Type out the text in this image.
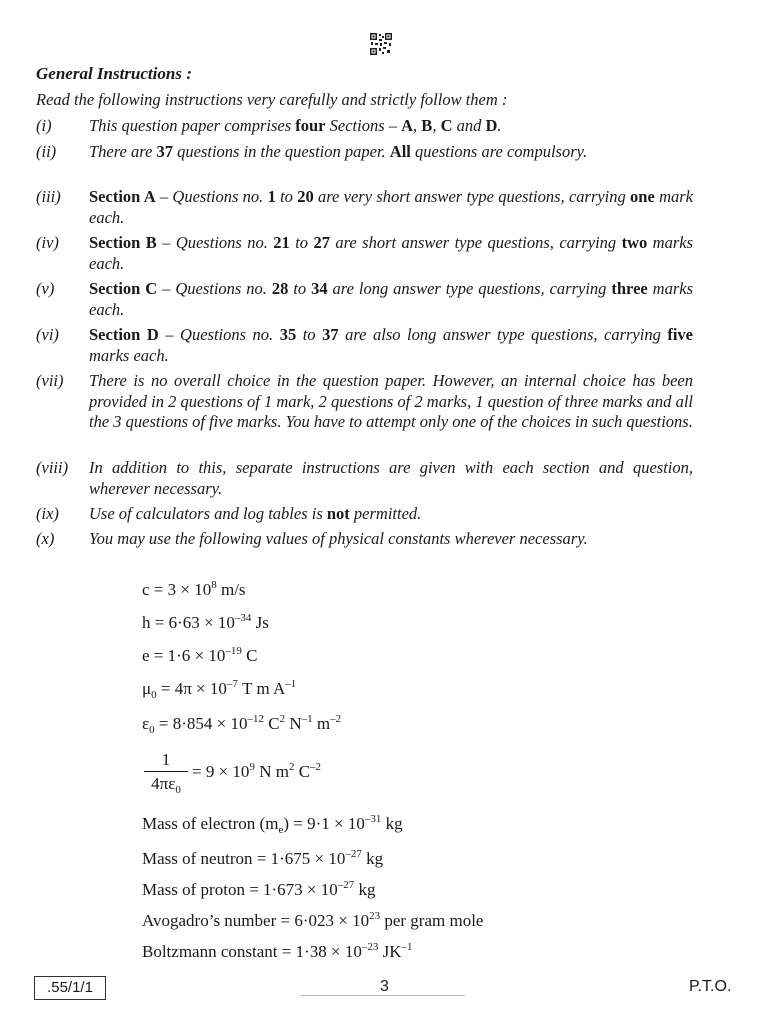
General Instructions :

Read the following instructions very carefully and strictly follow them :

(i) This question paper comprises four Sections – A, B, C and D.
(ii) There are 37 questions in the question paper. All questions are compulsory.
(iii) Section A – Questions no. 1 to 20 are very short answer type questions, carrying one mark each.
(iv) Section B – Questions no. 21 to 27 are short answer type questions, carrying two marks each.
(v) Section C – Questions no. 28 to 34 are long answer type questions, carrying three marks each.
(vi) Section D – Questions no. 35 to 37 are also long answer type questions, carrying five marks each.
(vii) There is no overall choice in the question paper. However, an internal choice has been provided in 2 questions of 1 mark, 2 questions of 2 marks, 1 question of three marks and all the 3 questions of five marks. You have to attempt only one of the choices in such questions.
(viii) In addition to this, separate instructions are given with each section and question, wherever necessary.
(ix) Use of calculators and log tables is not permitted.
(x) You may use the following values of physical constants wherever necessary.
$c = 3 \times 10^8$ m/s
$h = 6\cdot 63 \times 10^{-34}$ Js
$e = 1\cdot 6 \times 10^{-19}$ C
$\mu_0 = 4\pi \times 10^{-7}$ T m $A^{-1}$
$\varepsilon_0 = 8\cdot 854 \times 10^{-12}$ $C^2$ $N^{-1}$ $m^{-2}$
1
$4\pi\varepsilon_0$
= $9 \times 10^9$ N $m^2$ $C^{-2}$
Mass of electron $(m_e) = 9\cdot 1 \times 10^{-31}$ kg
Mass of neutron = $1\cdot 675 \times 10^{-27}$ kg
Mass of proton = $1\cdot 673 \times 10^{-27}$ kg
Avogadro’s number = $6\cdot 023 \times 10^{23}$ per gram mole
Boltzmann constant = $1\cdot 38 \times 10^{-23}$ $JK^{-1}$
.55/1/1	3	P.T.O.
